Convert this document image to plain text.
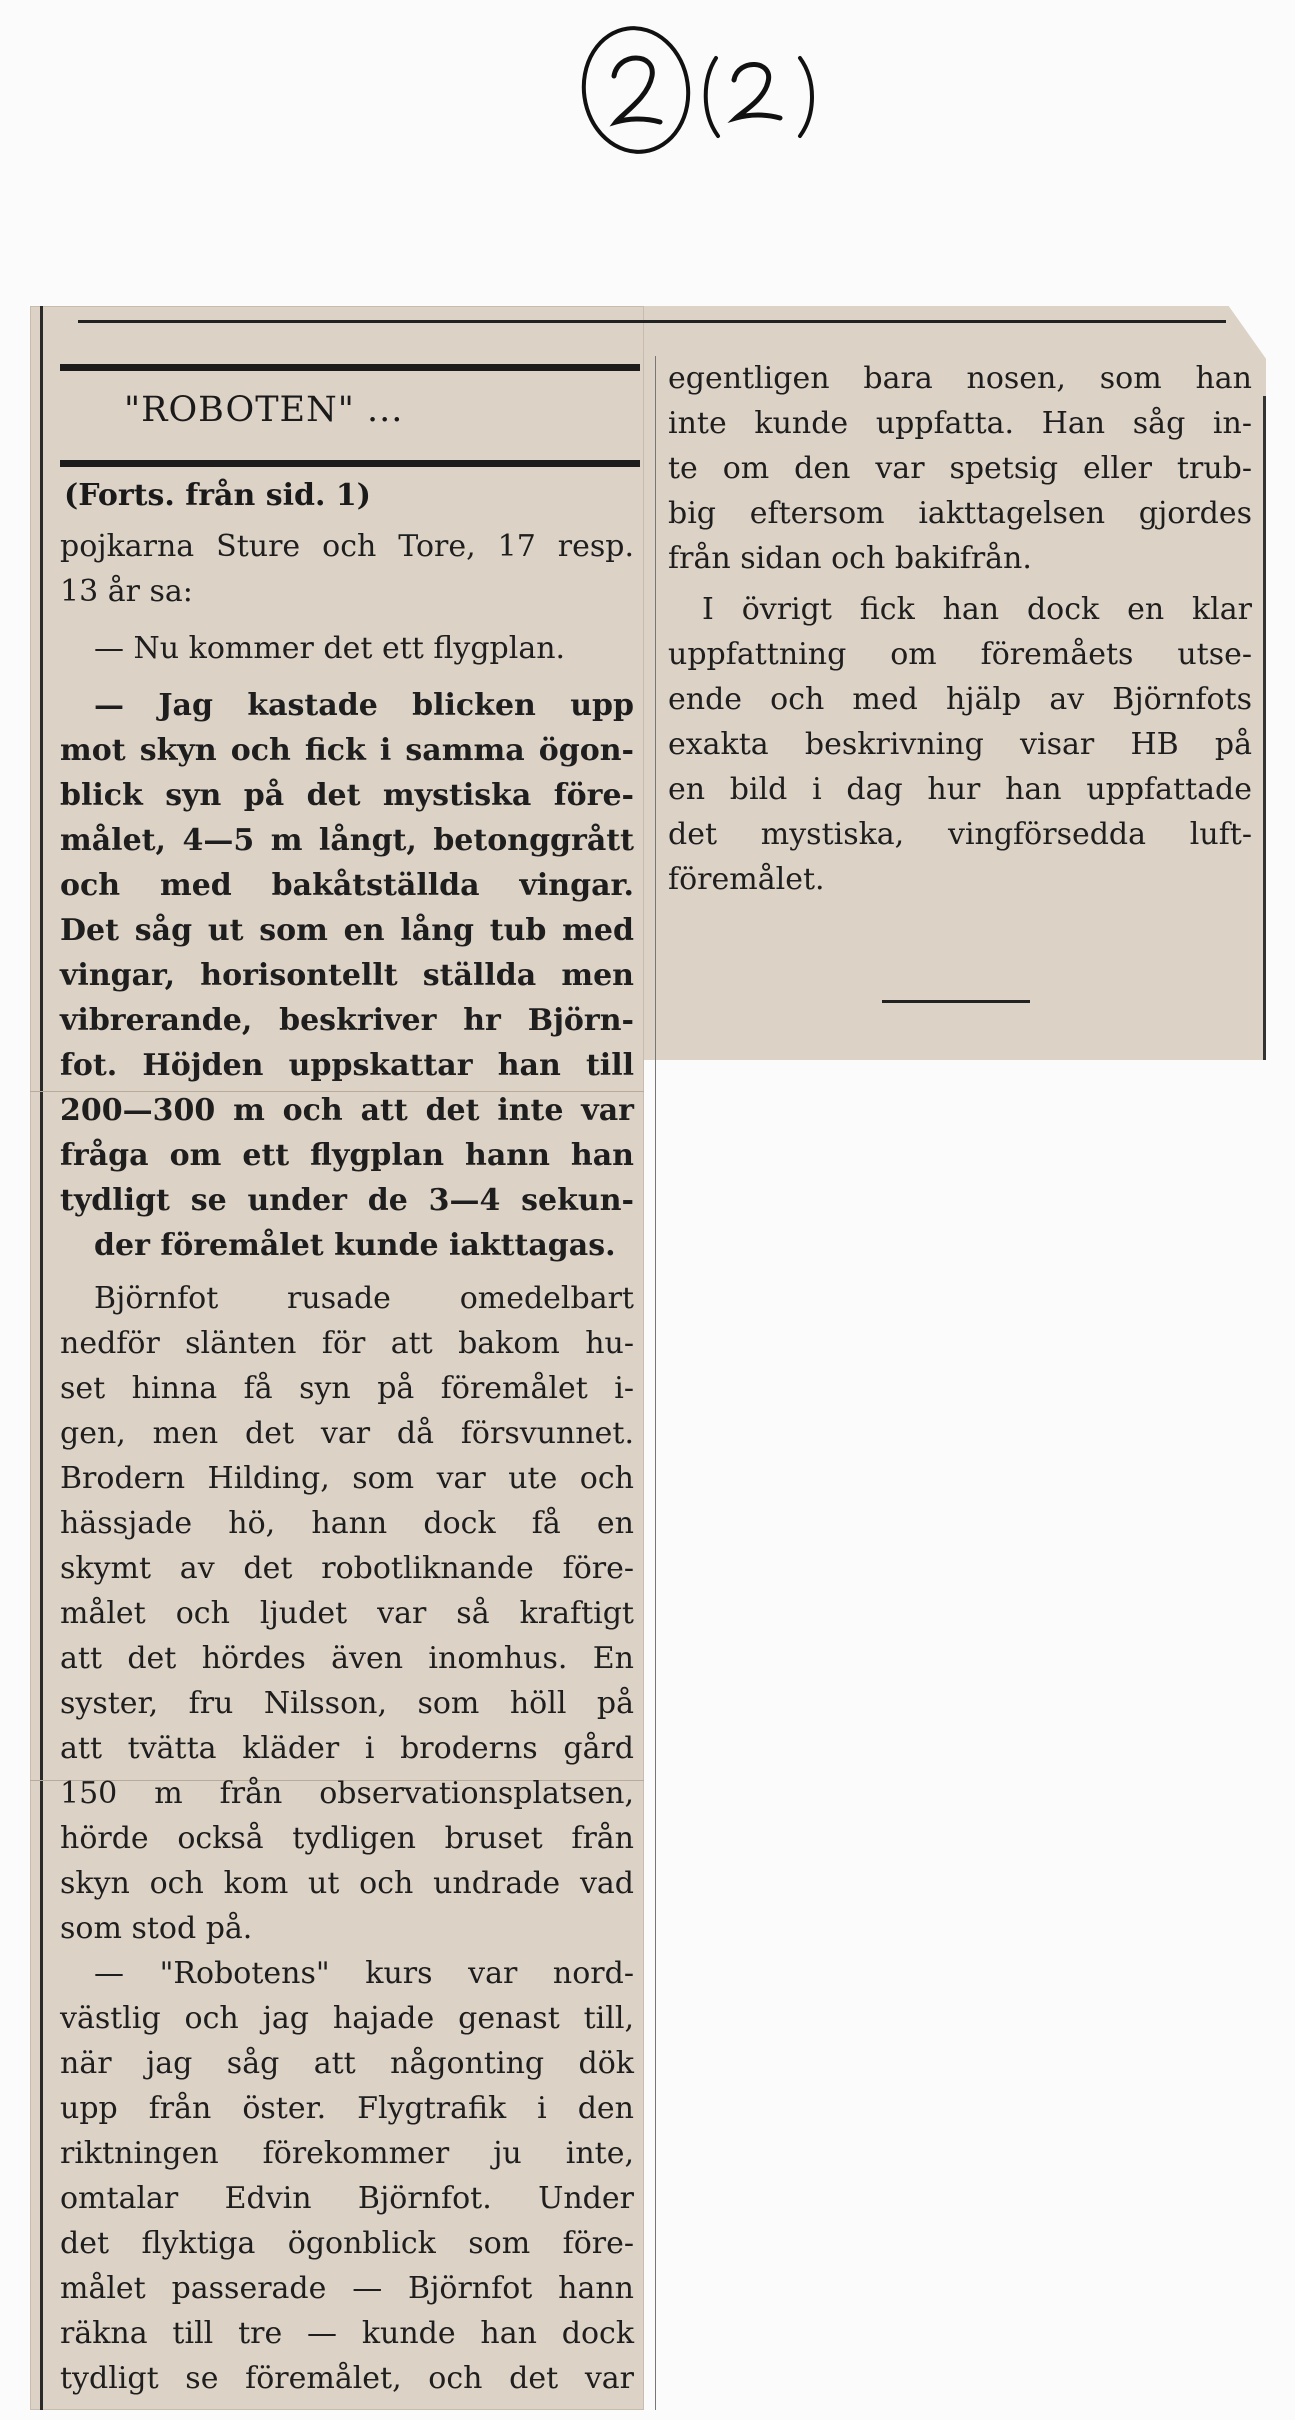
"ROBOTEN" ...
(Forts. från sid. 1)

pojkarna Sture och Tore, 17 resp.

13 år sa:

— Nu kommer det ett flygplan.

— Jag kastade blicken upp

mot skyn och fick i samma ögon-

blick syn på det mystiska före-

målet, 4—5 m långt, betonggrått

och med bakåtställda vingar.

Det såg ut som en lång tub med

vingar, horisontellt ställda men

vibrerande, beskriver hr Björn-

fot. Höjden uppskattar han till

200—300 m och att det inte var

fråga om ett flygplan hann han

tydligt se under de 3—4 sekun-

der föremålet kunde iakttagas.

Björnfot rusade omedelbart

nedför slänten för att bakom hu-

set hinna få syn på föremålet i-

gen, men det var då försvunnet.

Brodern Hilding, som var ute och

hässjade hö, hann dock få en

skymt av det robotliknande före-

målet och ljudet var så kraftigt

att det hördes även inomhus. En

syster, fru Nilsson, som höll på

att tvätta kläder i broderns gård

150 m från observationsplatsen,

hörde också tydligen bruset från

skyn och kom ut och undrade vad

som stod på.

— "Robotens" kurs var nord-

västlig och jag hajade genast till,

när jag såg att någonting dök

upp från öster. Flygtrafik i den

riktningen förekommer ju inte,

omtalar Edvin Björnfot. Under

det flyktiga ögonblick som före-

målet passerade — Björnfot hann

räkna till tre — kunde han dock

tydligt se föremålet, och det var

egentligen bara nosen, som han

inte kunde uppfatta. Han såg in-

te om den var spetsig eller trub-

big eftersom iakttagelsen gjordes

från sidan och bakifrån.

I övrigt fick han dock en klar

uppfattning om föremåets utse-

ende och med hjälp av Björnfots

exakta beskrivning visar HB på

en bild i dag hur han uppfattade

det mystiska, vingförsedda luft-

föremålet.
